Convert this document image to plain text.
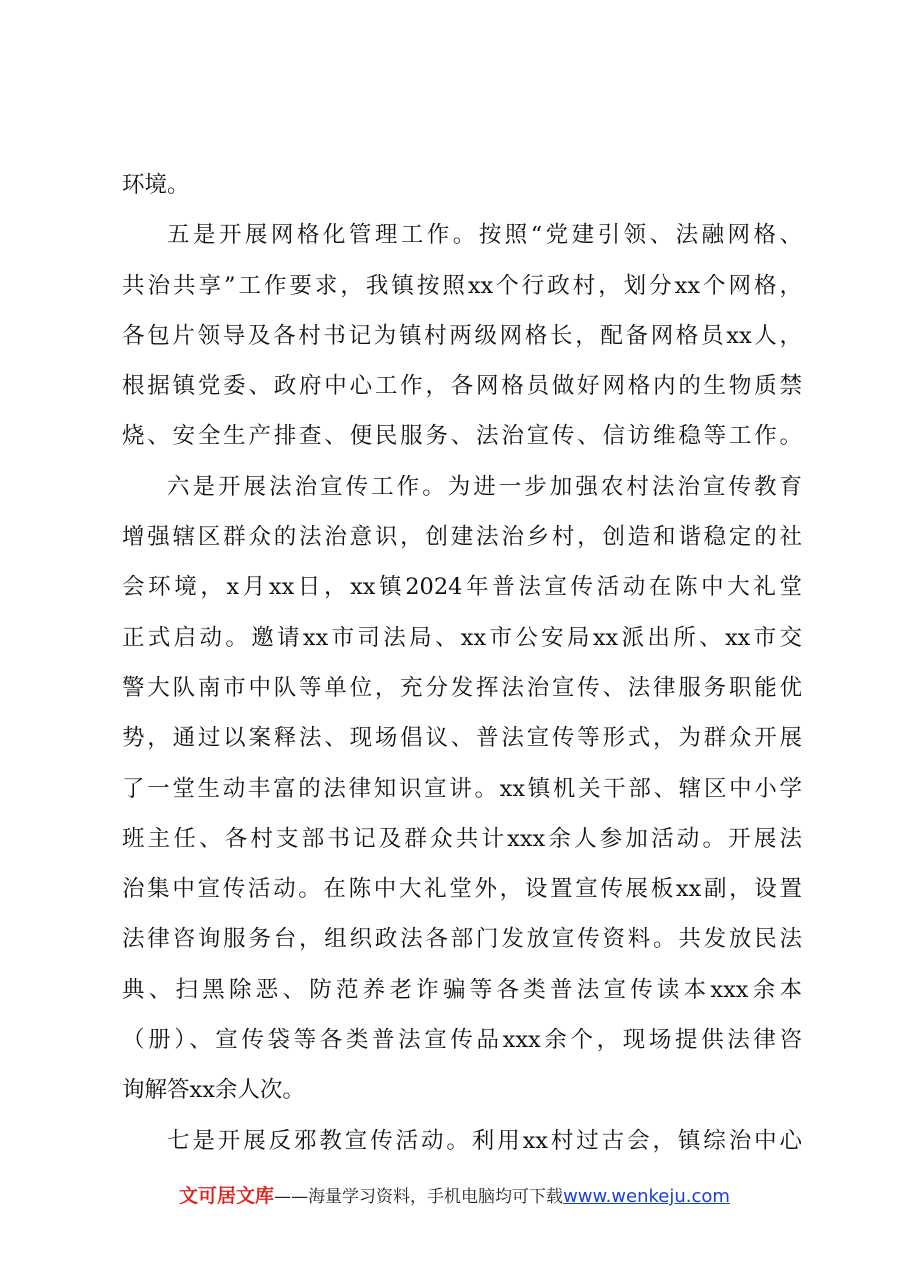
环境。
五是开展网格化管理工作。按照“党建引领、法融网格、
共治共享”工作要求，我镇按照xx个行政村，划分xx个网格，
各包片领导及各村书记为镇村两级网格长，配备网格员xx人，
根据镇党委、政府中心工作，各网格员做好网格内的生物质禁
烧、安全生产排查、便民服务、法治宣传、信访维稳等工作。
六是开展法治宣传工作。为进一步加强农村法治宣传教育
增强辖区群众的法治意识，创建法治乡村，创造和谐稳定的社
会环境，x月xx日，xx镇2024年普法宣传活动在陈中大礼堂
正式启动。邀请xx市司法局、xx市公安局xx派出所、xx市交
警大队南市中队等单位，充分发挥法治宣传、法律服务职能优
势，通过以案释法、现场倡议、普法宣传等形式，为群众开展
了一堂生动丰富的法律知识宣讲。xx镇机关干部、辖区中小学
班主任、各村支部书记及群众共计xxx余人参加活动。开展法
治集中宣传活动。在陈中大礼堂外，设置宣传展板xx副，设置
法律咨询服务台，组织政法各部门发放宣传资料。共发放民法
典、扫黑除恶、防范养老诈骗等各类普法宣传读本xxx余本
（册）、宣传袋等各类普法宣传品xxx余个，现场提供法律咨
询解答xx余人次。
七是开展反邪教宣传活动。利用xx村过古会，镇综治中心
文可居文库——海量学习资料，手机电脑均可下载www.wenkeju.com
